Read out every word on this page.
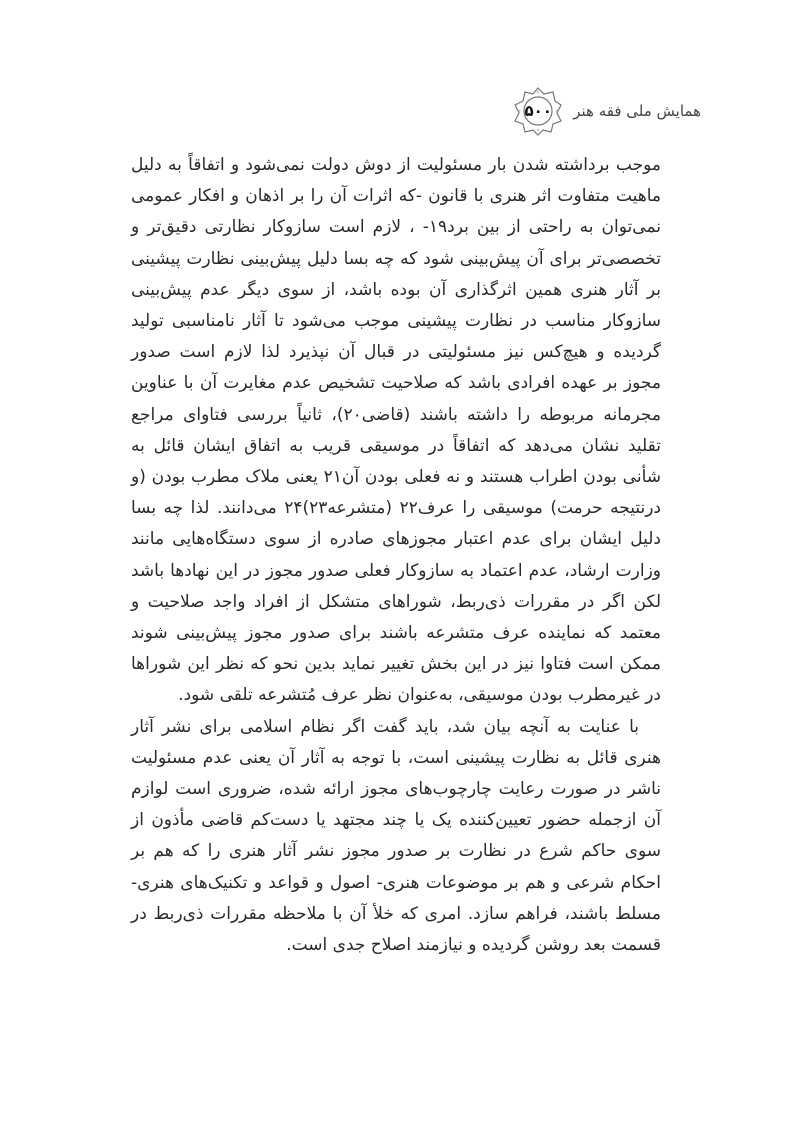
۵۰۰	همایش ملی فقه هنر

موجب برداشته شدن بار مسئولیت از دوش دولت نمی‌شود و اتفاقاً به دلیل ماهیت متفاوت اثر هنری با قانون -که اثرات آن را بر اذهان و افکار عمومی نمی‌توان به راحتی از بین برد۱۹- ، لازم است سازوکار نظارتی دقیق‌تر و تخصصی‌تر برای آن پیش‌بینی شود که چه بسا دلیل پیش‌بینی نظارت پیشینی بر آثار هنری همین اثرگذاری آن بوده باشد، از سوی دیگر عدم پیش‌بینی سازوکار مناسب در نظارت پیشینی موجب می‌شود تا آثار نامناسبی تولید گردیده و هیچ‌کس نیز مسئولیتی در قبال آن نپذیرد لذا لازم است صدور مجوز بر عهده افرادی باشد که صلاحیت تشخیص عدم مغایرت آن با عناوین مجرمانه مربوطه را داشته باشند (قاضی۲۰)، ثانیاً بررسی فتاوای مراجع تقلید نشان می‌دهد که اتفاقاً در موسیقی قریب به اتفاق ایشان قائل به شأنی بودن اطراب هستند و نه فعلی بودن آن۲۱ یعنی ملاک مطرب بودن (و درنتیجه حرمت) موسیقی را عرف۲۲ (متشرعه۲۳)۲۴ می‌دانند. لذا چه بسا دلیل ایشان برای عدم اعتبار مجوزهای صادره از سوی دستگاه‌هایی مانند وزارت ارشاد، عدم اعتماد به سازوکار فعلی صدور مجوز در این نهادها باشد لکن اگر در مقررات ذی‌ربط، شوراهای متشکل از افراد واجد صلاحیت و معتمد که نماینده عرف متشرعه باشند برای صدور مجوز پیش‌بینی شوند ممکن است فتاوا نیز در این بخش تغییر نماید بدین نحو که نظر این شوراها در غیرمطرب بودن موسیقی، به‌عنوان نظر عرف مُتشرعه تلقی شود.

با عنایت به آنچه بیان شد، باید گفت اگر نظام اسلامی برای نشر آثار هنری قائل به نظارت پیشینی است، با توجه به آثار آن یعنی عدم مسئولیت ناشر در صورت رعایت چارچوب‌های مجوز ارائه شده، ضروری است لوازم آن ازجمله حضور تعیین‌کننده یک یا چند مجتهد یا دست‌کم قاضی مأذون از سوی حاکم شرع در نظارت بر صدور مجوز نشر آثار هنری را که هم بر احکام شرعی و هم بر موضوعات هنری- اصول و قواعد و تکنیک‌های هنری- مسلط باشند، فراهم سازد. امری که خلأ آن با ملاحظه مقررات ذی‌ربط در قسمت بعد روشن گردیده و نیازمند اصلاح جدی است.
